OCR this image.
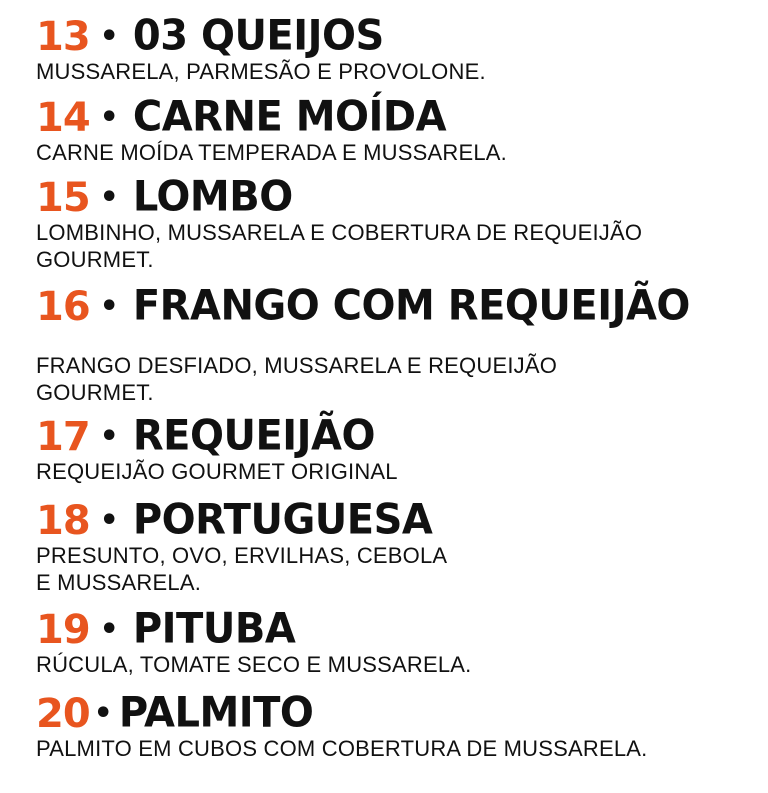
13 • 03 QUEIJOS
MUSSARELA, PARMESÃO E PROVOLONE.
14 • CARNE MOÍDA
CARNE MOÍDA TEMPERADA E MUSSARELA.
15 • LOMBO
LOMBINHO, MUSSARELA E COBERTURA DE REQUEIJÃO
GOURMET.
16 • FRANGO COM REQUEIJÃO
FRANGO DESFIADO, MUSSARELA E REQUEIJÃO
GOURMET.
17 • REQUEIJÃO
REQUEIJÃO GOURMET ORIGINAL
18 • PORTUGUESA
PRESUNTO, OVO, ERVILHAS, CEBOLA
E MUSSARELA.
19 • PITUBA
RÚCULA, TOMATE SECO E MUSSARELA.
20 • PALMITO
PALMITO EM CUBOS COM COBERTURA DE MUSSARELA.
